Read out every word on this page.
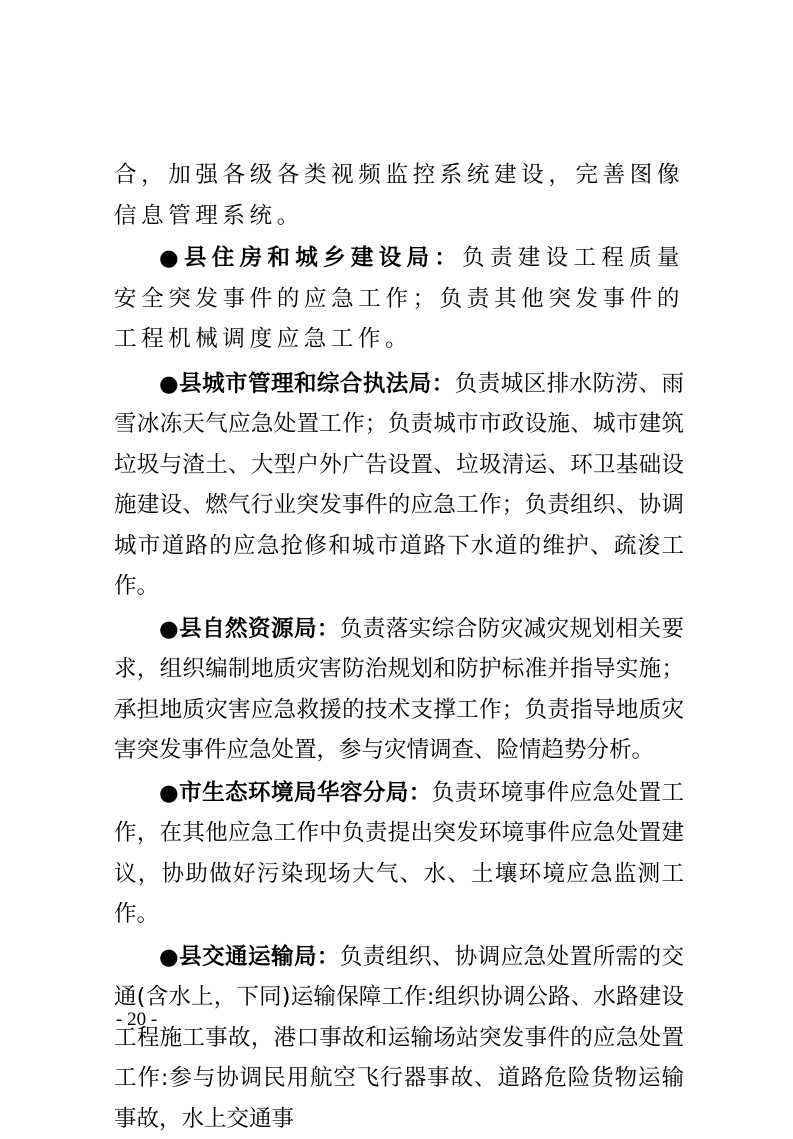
合，加强各级各类视频监控系统建设，完善图像信息管理系统。

●县住房和城乡建设局：负责建设工程质量安全突发事件的应急工作；负责其他突发事件的工程机械调度应急工作。

●县城市管理和综合执法局：负责城区排水防涝、雨雪冰冻天气应急处置工作；负责城市市政设施、城市建筑垃圾与渣土、大型户外广告设置、垃圾清运、环卫基础设施建设、燃气行业突发事件的应急工作；负责组织、协调城市道路的应急抢修和城市道路下水道的维护、疏浚工作。

●县自然资源局：负责落实综合防灾减灾规划相关要求，组织编制地质灾害防治规划和防护标准并指导实施；承担地质灾害应急救援的技术支撑工作；负责指导地质灾害突发事件应急处置，参与灾情调查、险情趋势分析。

●市生态环境局华容分局：负责环境事件应急处置工作，在其他应急工作中负责提出突发环境事件应急处置建议，协助做好污染现场大气、水、土壤环境应急监测工作。

●县交通运输局：负责组织、协调应急处置所需的交通(含水上，下同)运输保障工作:组织协调公路、水路建设工程施工事故，港口事故和运输场站突发事件的应急处置工作:参与协调民用航空飞行器事故、道路危险货物运输事故，水上交通事

- 20 -
